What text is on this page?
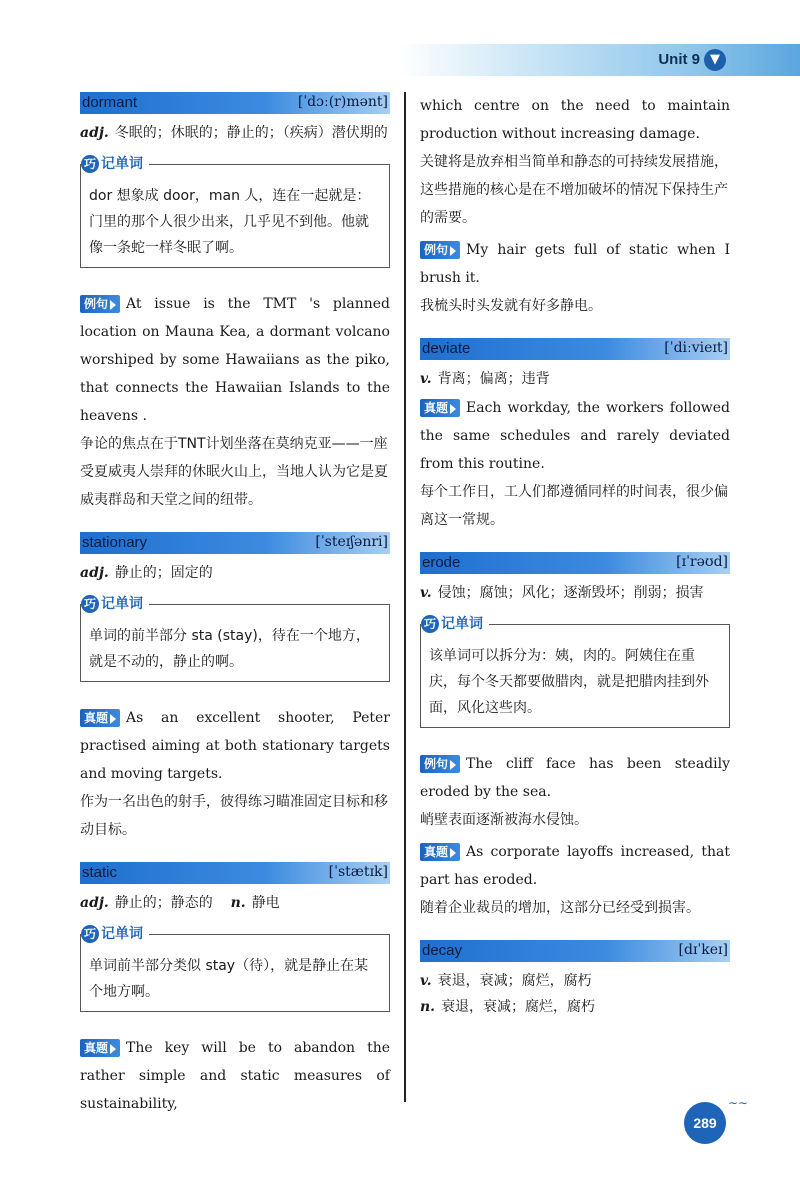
Unit 9 ▼
dormant	[ˈdɔː(r)mənt]

adj. 冬眠的；休眠的；静止的；（疾病）潜伏期的

巧 记单词
dor 想象成 door，man 人，连在一起就是：门里的那个人很少出来，几乎见不到他。他就像一条蛇一样冬眠了啊。

例句 At issue is the TMT 's planned location on Mauna Kea, a dormant volcano worshiped by some Hawaiians as the piko, that connects the Hawaiian Islands to the heavens .

争论的焦点在于TNT计划坐落在莫纳克亚——一座受夏威夷人崇拜的休眠火山上，当地人认为它是夏威夷群岛和天堂之间的纽带。

stationary	[ˈsteɪʃənri]

adj. 静止的；固定的

巧 记单词
单词的前半部分 sta (stay)，待在一个地方，就是不动的，静止的啊。

真题 As an excellent shooter, Peter practised aiming at both stationary targets and moving targets.

作为一名出色的射手，彼得练习瞄准固定目标和移动目标。

static	[ˈstætɪk]

adj. 静止的；静态的 n. 静电

巧 记单词
单词前半部分类似 stay（待），就是静止在某个地方啊。

真题 The key will be to abandon the rather simple and static measures of sustainability,

which centre on the need to maintain production without increasing damage.

关键将是放弃相当简单和静态的可持续发展措施，这些措施的核心是在不增加破坏的情况下保持生产的需要。

例句 My hair gets full of static when I brush it.

我梳头时头发就有好多静电。

deviate	[ˈdiːvieɪt]

v. 背离；偏离；违背

真题 Each workday, the workers followed the same schedules and rarely deviated from this routine.

每个工作日，工人们都遵循同样的时间表，很少偏离这一常规。

erode	[ɪˈrəʊd]

v. 侵蚀；腐蚀；风化；逐渐毁坏；削弱；损害

巧 记单词
该单词可以拆分为：姨，肉的。阿姨住在重庆，每个冬天都要做腊肉，就是把腊肉挂到外面，风化这些肉。

例句 The cliff face has been steadily eroded by the sea.

峭壁表面逐渐被海水侵蚀。

真题 As corporate layoffs increased, that part has eroded.

随着企业裁员的增加，这部分已经受到损害。

decay	[dɪˈkeɪ]

v. 衰退，衰减；腐烂，腐朽

n. 衰退，衰减；腐烂，腐朽

289
∼∼
